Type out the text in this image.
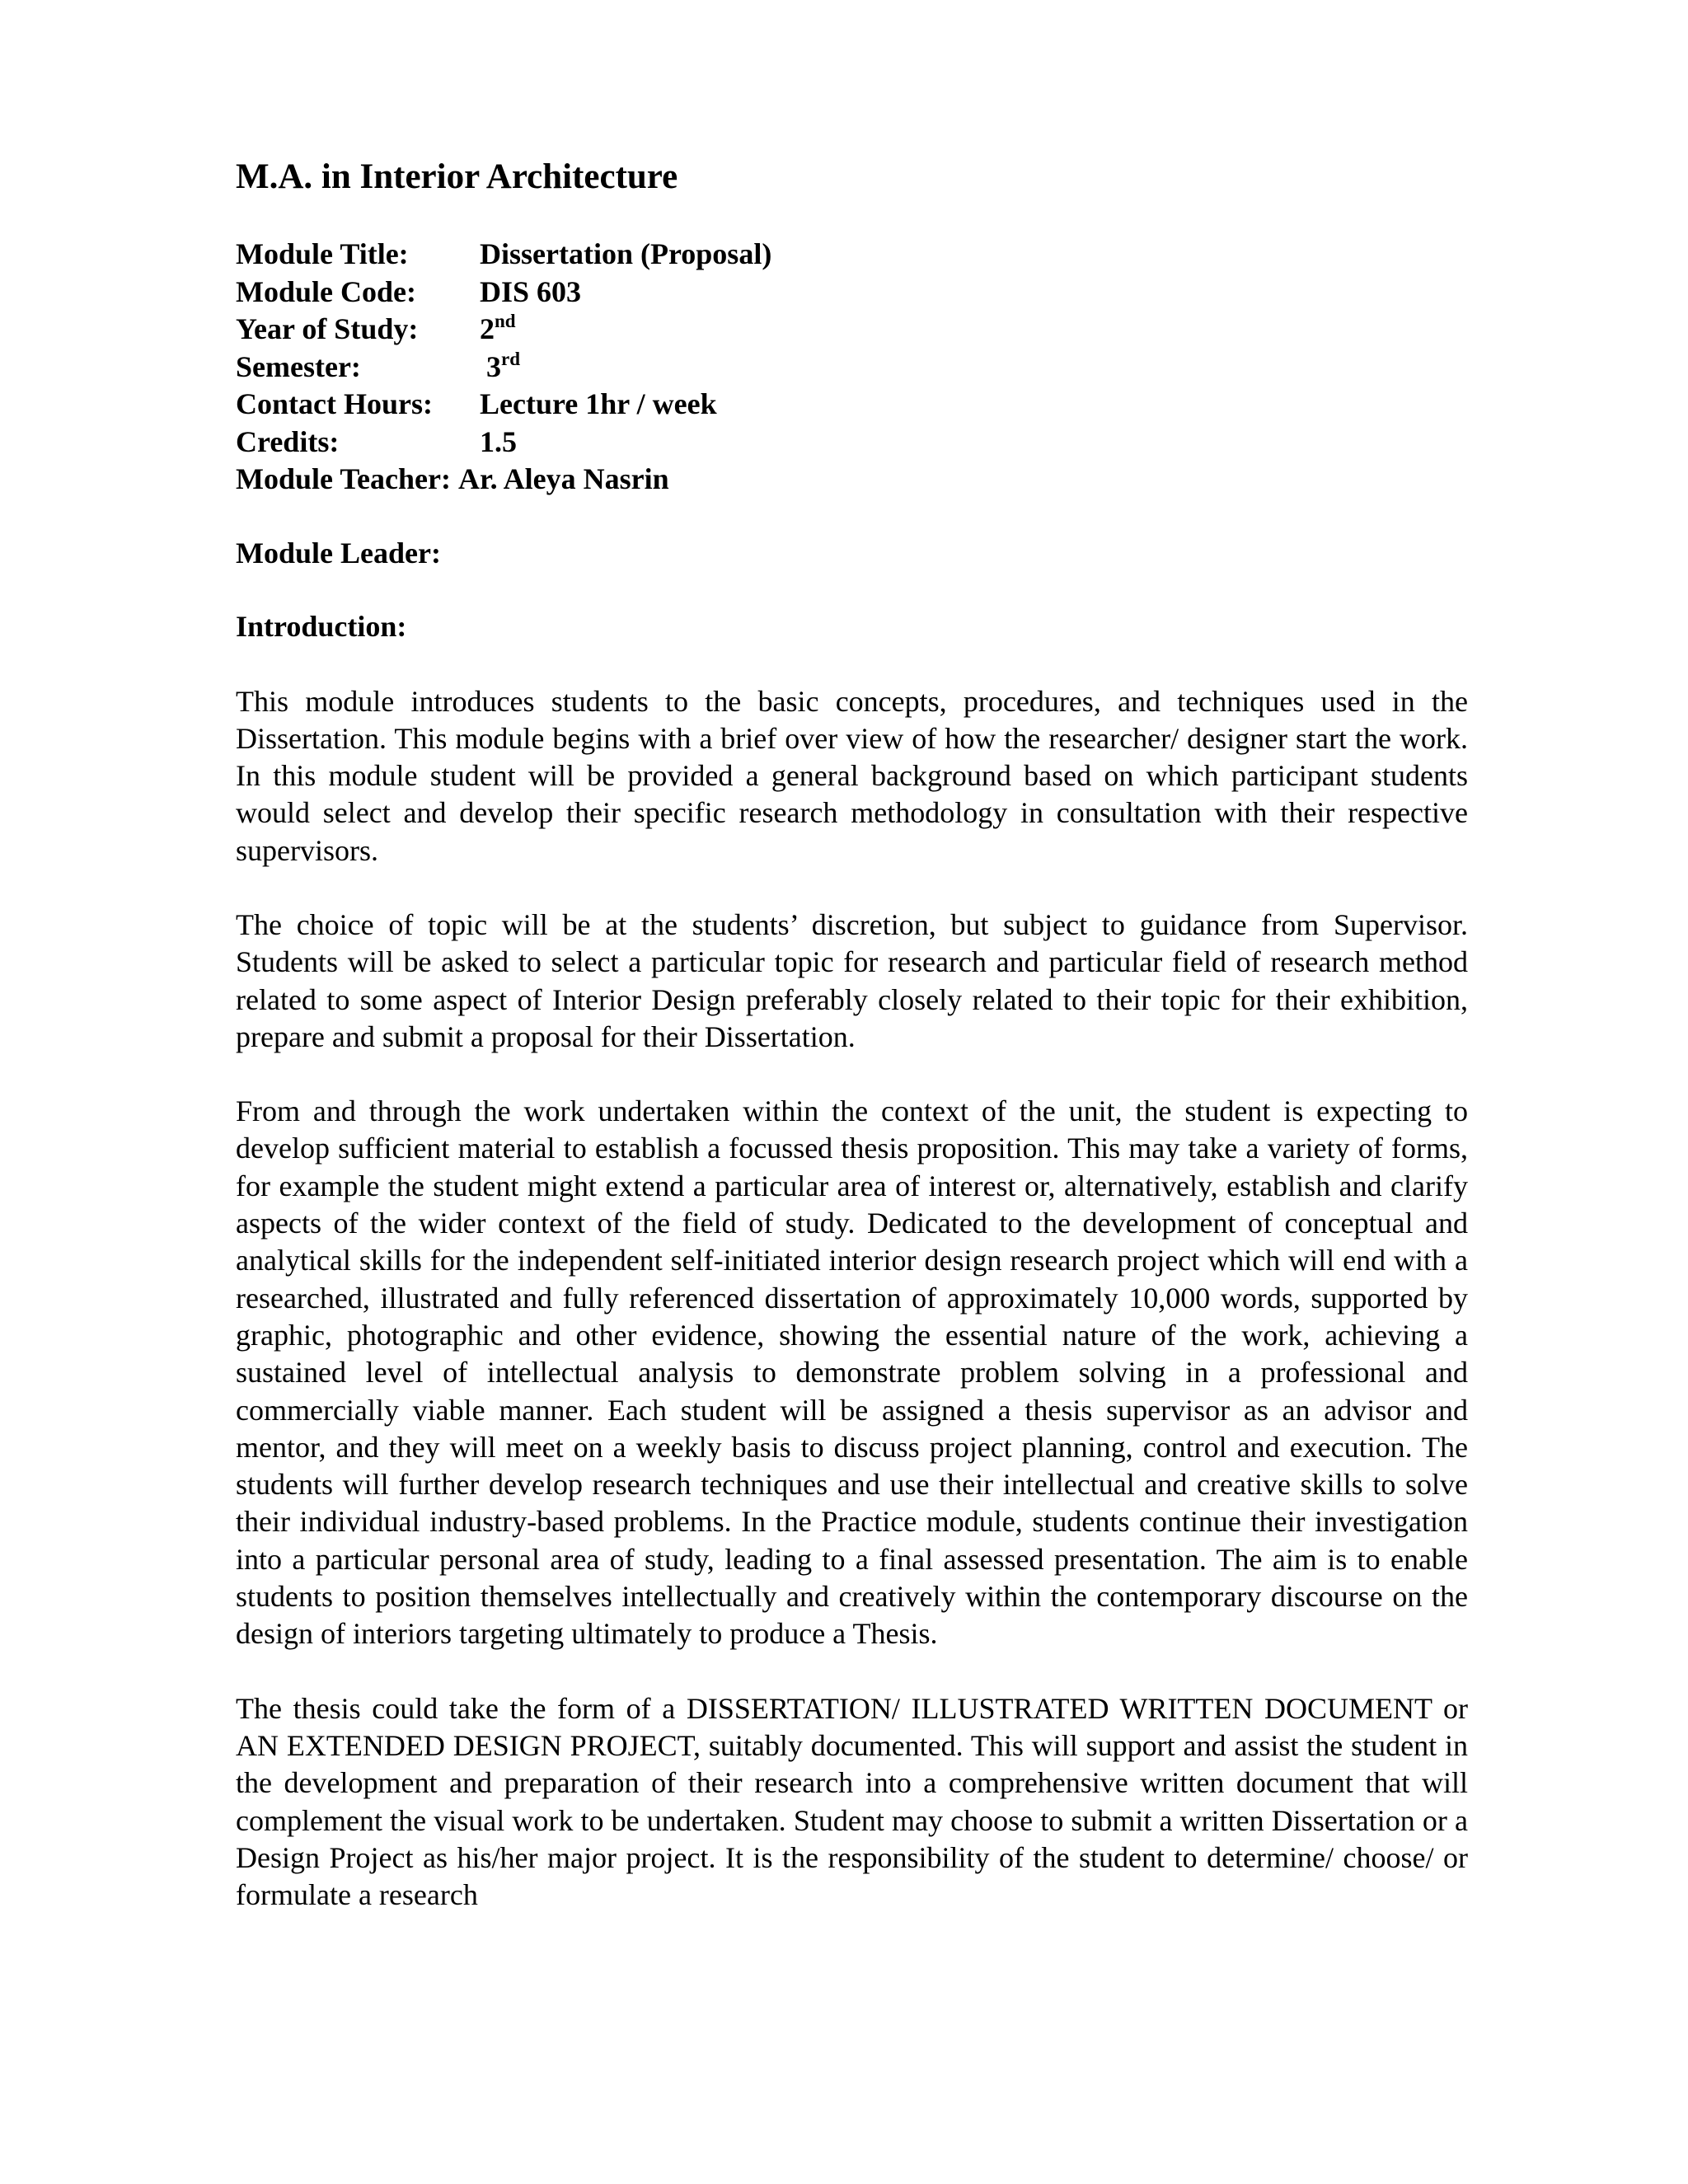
M.A. in Interior Architecture
Module Title:	Dissertation (Proposal)
Module Code:	DIS 603
Year of Study:	2nd
Semester:	3rd
Contact Hours:	Lecture 1hr / week
Credits:	1.5
Module Teacher:
Ar. Aleya Nasrin
Module Leader:
Introduction:

This module introduces students to the basic concepts, procedures, and techniques used in the Dissertation. This module begins with a brief over view of how the researcher/ designer start the work. In this module student will be provided a general background based on which participant students would select and develop their specific research methodology in consultation with their respective supervisors.

The choice of topic will be at the students’ discretion, but subject to guidance from Supervisor. Students will be asked to select a particular topic for research and particular field of research method related to some aspect of Interior Design preferably closely related to their topic for their exhibition, prepare and submit a proposal for their Dissertation.

From and through the work undertaken within the context of the unit, the student is expecting to develop sufficient material to establish a focussed thesis proposition. This may take a variety of forms, for example the student might extend a particular area of interest or, alternatively, establish and clarify aspects of the wider context of the field of study. Dedicated to the development of conceptual and analytical skills for the independent self-initiated interior design research project which will end with a researched, illustrated and fully referenced dissertation of approximately 10,000 words, supported by graphic, photographic and other evidence, showing the essential nature of the work, achieving a sustained level of intellectual analysis to demonstrate problem solving in a professional and commercially viable manner. Each student will be assigned a thesis supervisor as an advisor and mentor, and they will meet on a weekly basis to discuss project planning, control and execution. The students will further develop research techniques and use their intellectual and creative skills to solve their individual industry-based problems. In the Practice module, students continue their investigation into a particular personal area of study, leading to a final assessed presentation. The aim is to enable students to position themselves intellectually and creatively within the contemporary discourse on the design of interiors targeting ultimately to produce a Thesis.

The thesis could take the form of a DISSERTATION/ ILLUSTRATED WRITTEN DOCUMENT or AN EXTENDED DESIGN PROJECT, suitably documented. This will support and assist the student in the development and preparation of their research into a comprehensive written document that will complement the visual work to be undertaken. Student may choose to submit a written Dissertation or a Design Project as his/her major project. It is the responsibility of the student to determine/ choose/ or formulate a research
